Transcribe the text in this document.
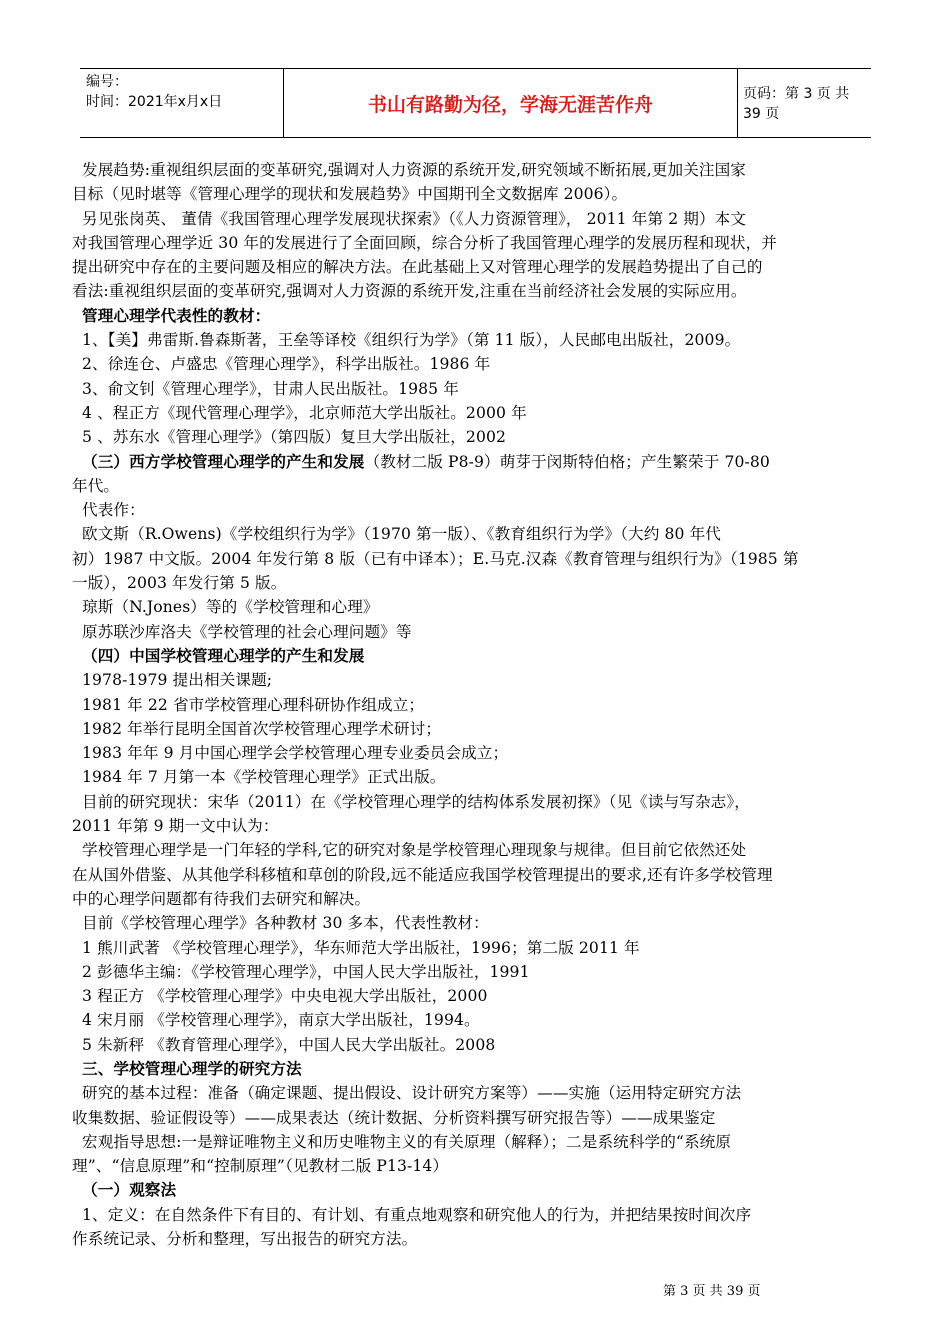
编号：
时间：2021年x月x日	书山有路勤为径，学海无涯苦作舟	页码：第 3 页 共 39 页
发展趋势:重视组织层面的变革研究,强调对人力资源的系统开发,研究领域不断拓展,更加关注国家
目标（见时堪等《管理心理学的现状和发展趋势》中国期刊全文数据库 2006）。
另见张岗英、 董倩《我国管理心理学发展现状探索》（《人力资源管理》， 2011 年第 2 期）本文
对我国管理心理学近 30 年的发展进行了全面回顾，综合分析了我国管理心理学的发展历程和现状，并
提出研究中存在的主要问题及相应的解决方法。在此基础上又对管理心理学的发展趋势提出了自己的
看法:重视组织层面的变革研究,强调对人力资源的系统开发,注重在当前经济社会发展的实际应用。
管理心理学代表性的教材：
1、【美】弗雷斯.鲁森斯著，王垒等译校《组织行为学》（第 11 版），人民邮电出版社，2009。
2、徐连仓、卢盛忠《管理心理学》，科学出版社。1986 年
3、俞文钊《管理心理学》，甘肃人民出版社。1985 年
4 、程正方《现代管理心理学》，北京师范大学出版社。2000 年
5 、苏东水《管理心理学》（第四版）复旦大学出版社，2002
（三）西方学校管理心理学的产生和发展（教材二版 P8-9）萌芽于闵斯特伯格；产生繁荣于 70-80
年代。
代表作：
欧文斯（R.Owens)《学校组织行为学》（1970 第一版）、《教育组织行为学》（大约 80 年代
初）1987 中文版。2004 年发行第 8 版（已有中译本）；E.马克.汉森《教育管理与组织行为》（1985 第
一版），2003 年发行第 5 版。
琼斯（N.Jones）等的《学校管理和心理》
原苏联沙库洛夫《学校管理的社会心理问题》等
（四）中国学校管理心理学的产生和发展
1978-1979 提出相关课题;
1981 年 22 省市学校管理心理科研协作组成立；
1982 年举行昆明全国首次学校管理心理学术研讨；
1983 年年 9 月中国心理学会学校管理心理专业委员会成立；
1984 年 7 月第一本《学校管理心理学》正式出版。
目前的研究现状：宋华（2011）在《学校管理心理学的结构体系发展初探》（见《读与写杂志》，
2011 年第 9 期一文中认为：
学校管理心理学是一门年轻的学科,它的研究对象是学校管理心理现象与规律。但目前它依然还处
在从国外借鉴、从其他学科移植和草创的阶段,远不能适应我国学校管理提出的要求,还有许多学校管理
中的心理学问题都有待我们去研究和解决。
目前《学校管理心理学》各种教材 30 多本，代表性教材：
1 熊川武著 《学校管理心理学》，华东师范大学出版社，1996；第二版 2011 年
2 彭德华主编：《学校管理心理学》，中国人民大学出版社，1991
3 程正方 《学校管理心理学》中央电视大学出版社，2000
4 宋月丽 《学校管理心理学》，南京大学出版社，1994。
5 朱新秤 《教育管理心理学》，中国人民大学出版社。2008
三、学校管理心理学的研究方法
研究的基本过程：准备（确定课题、提出假设、设计研究方案等）——实施（运用特定研究方法
收集数据、验证假设等）——成果表达（统计数据、分析资料撰写研究报告等）——成果鉴定
宏观指导思想:一是辩证唯物主义和历史唯物主义的有关原理（解释）；二是系统科学的“系统原
理”、“信息原理”和“控制原理”（见教材二版 P13-14）
（一）观察法
1、定义：在自然条件下有目的、有计划、有重点地观察和研究他人的行为，并把结果按时间次序
作系统记录、分析和整理，写出报告的研究方法。
第 3 页 共 39 页
